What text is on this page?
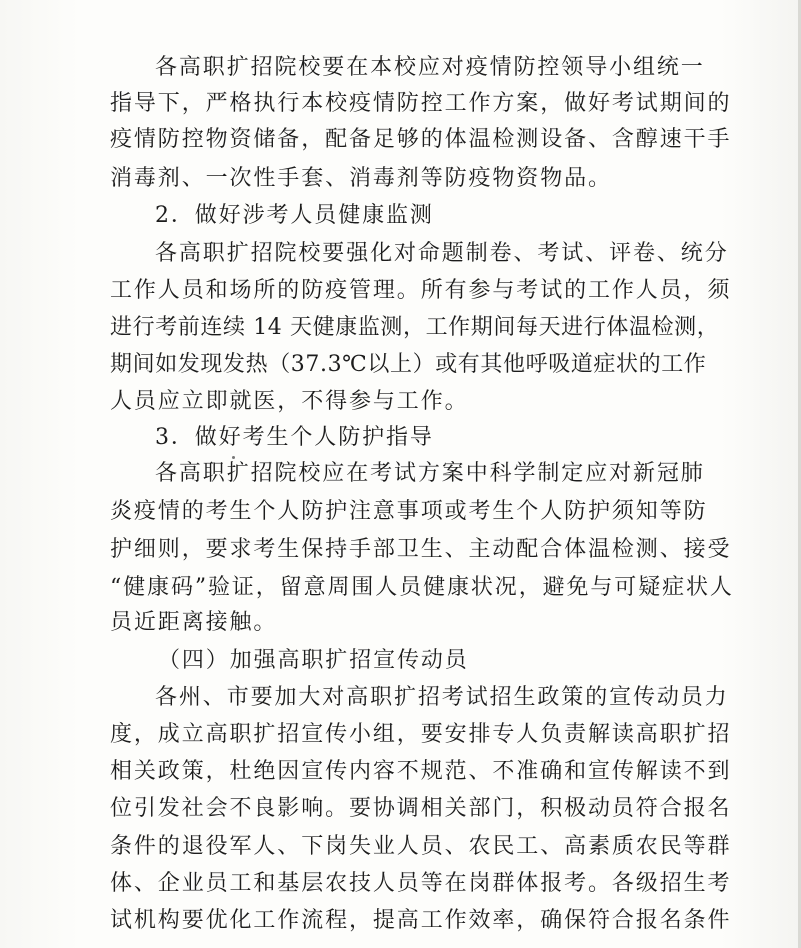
各高职扩招院校要在本校应对疫情防控领导小组统一
指导下，严格执行本校疫情防控工作方案，做好考试期间的
疫情防控物资储备，配备足够的体温检测设备、含醇速干手
消毒剂、一次性手套、消毒剂等防疫物资物品。
2．做好涉考人员健康监测
各高职扩招院校要强化对命题制卷、考试、评卷、统分
工作人员和场所的防疫管理。所有参与考试的工作人员，须
进行考前连续 14 天健康监测，工作期间每天进行体温检测，
期间如发现发热（37.3℃以上）或有其他呼吸道症状的工作
人员应立即就医，不得参与工作。
3．做好考生个人防护指导
各高职扩招院校应在考试方案中科学制定应对新冠肺
炎疫情的考生个人防护注意事项或考生个人防护须知等防
护细则，要求考生保持手部卫生、主动配合体温检测、接受
“健康码”验证，留意周围人员健康状况，避免与可疑症状人
员近距离接触。
（四）加强高职扩招宣传动员
各州、市要加大对高职扩招考试招生政策的宣传动员力
度，成立高职扩招宣传小组，要安排专人负责解读高职扩招
相关政策，杜绝因宣传内容不规范、不准确和宣传解读不到
位引发社会不良影响。要协调相关部门，积极动员符合报名
条件的退役军人、下岗失业人员、农民工、高素质农民等群
体、企业员工和基层农技人员等在岗群体报考。各级招生考
试机构要优化工作流程，提高工作效率，确保符合报名条件
